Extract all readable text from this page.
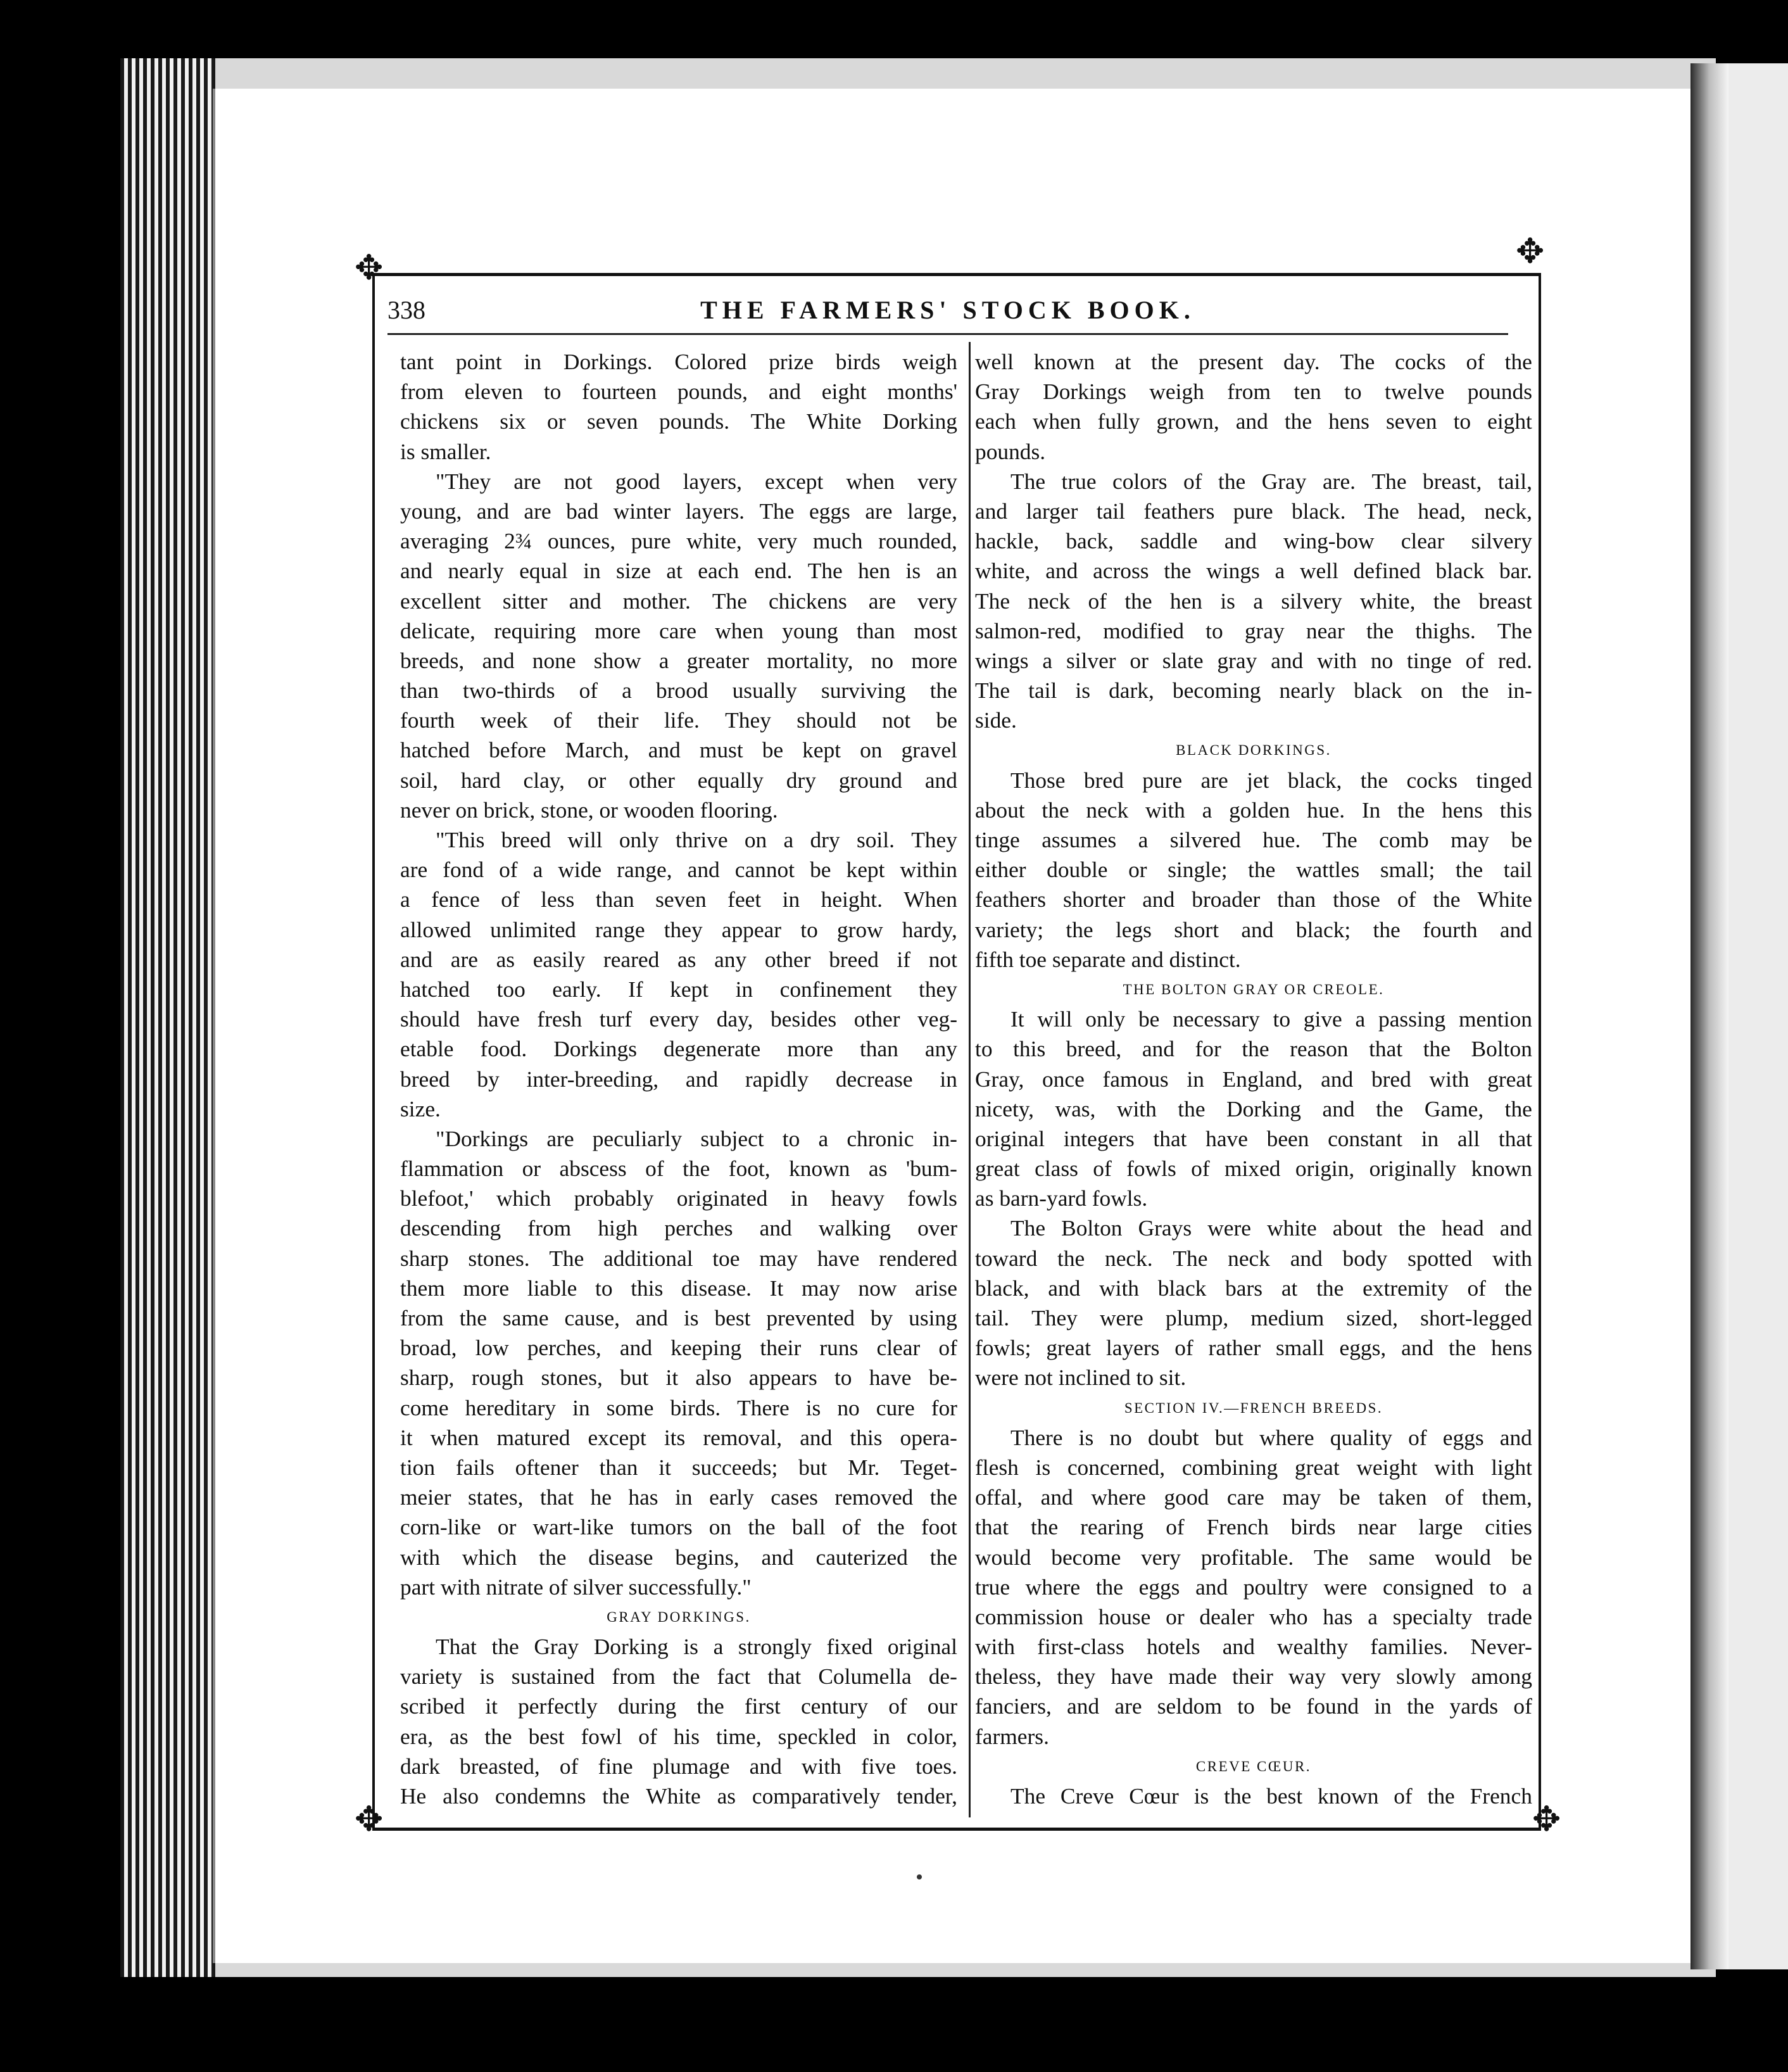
✥	✥
✥	✥
338	THE FARMERS' STOCK BOOK.
tant point in Dorkings. Colored prize birds weigh
from eleven to fourteen pounds, and eight months'
chickens six or seven pounds. The White Dorking
is smaller.
"They are not good layers, except when very
young, and are bad winter layers. The eggs are large,
averaging 2¾ ounces, pure white, very much rounded,
and nearly equal in size at each end. The hen is an
excellent sitter and mother. The chickens are very
delicate, requiring more care when young than most
breeds, and none show a greater mortality, no more
than two-thirds of a brood usually surviving the
fourth week of their life. They should not be
hatched before March, and must be kept on gravel
soil, hard clay, or other equally dry ground and
never on brick, stone, or wooden flooring.
"This breed will only thrive on a dry soil. They
are fond of a wide range, and cannot be kept within
a fence of less than seven feet in height. When
allowed unlimited range they appear to grow hardy,
and are as easily reared as any other breed if not
hatched too early. If kept in confinement they
should have fresh turf every day, besides other veg-
etable food. Dorkings degenerate more than any
breed by inter-breeding, and rapidly decrease in
size.
"Dorkings are peculiarly subject to a chronic in-
flammation or abscess of the foot, known as 'bum-
blefoot,' which probably originated in heavy fowls
descending from high perches and walking over
sharp stones. The additional toe may have rendered
them more liable to this disease. It may now arise
from the same cause, and is best prevented by using
broad, low perches, and keeping their runs clear of
sharp, rough stones, but it also appears to have be-
come hereditary in some birds. There is no cure for
it when matured except its removal, and this opera-
tion fails oftener than it succeeds; but Mr. Teget-
meier states, that he has in early cases removed the
corn-like or wart-like tumors on the ball of the foot
with which the disease begins, and cauterized the
part with nitrate of silver successfully."
GRAY DORKINGS.
That the Gray Dorking is a strongly fixed original
variety is sustained from the fact that Columella de-
scribed it perfectly during the first century of our
era, as the best fowl of his time, speckled in color,
dark breasted, of fine plumage and with five toes.
He also condemns the White as comparatively tender,
well known at the present day. The cocks of the
Gray Dorkings weigh from ten to twelve pounds
each when fully grown, and the hens seven to eight
pounds.
The true colors of the Gray are. The breast, tail,
and larger tail feathers pure black. The head, neck,
hackle, back, saddle and wing-bow clear silvery
white, and across the wings a well defined black bar.
The neck of the hen is a silvery white, the breast
salmon-red, modified to gray near the thighs. The
wings a silver or slate gray and with no tinge of red.
The tail is dark, becoming nearly black on the in-
side.
BLACK DORKINGS.
Those bred pure are jet black, the cocks tinged
about the neck with a golden hue. In the hens this
tinge assumes a silvered hue. The comb may be
either double or single; the wattles small; the tail
feathers shorter and broader than those of the White
variety; the legs short and black; the fourth and
fifth toe separate and distinct.
THE BOLTON GRAY OR CREOLE.
It will only be necessary to give a passing mention
to this breed, and for the reason that the Bolton
Gray, once famous in England, and bred with great
nicety, was, with the Dorking and the Game, the
original integers that have been constant in all that
great class of fowls of mixed origin, originally known
as barn-yard fowls.
The Bolton Grays were white about the head and
toward the neck. The neck and body spotted with
black, and with black bars at the extremity of the
tail. They were plump, medium sized, short-legged
fowls; great layers of rather small eggs, and the hens
were not inclined to sit.
SECTION IV.—FRENCH BREEDS.
There is no doubt but where quality of eggs and
flesh is concerned, combining great weight with light
offal, and where good care may be taken of them,
that the rearing of French birds near large cities
would become very profitable. The same would be
true where the eggs and poultry were consigned to a
commission house or dealer who has a specialty trade
with first-class hotels and wealthy families. Never-
theless, they have made their way very slowly among
fanciers, and are seldom to be found in the yards of
farmers.
CREVE CŒUR.
The Creve Cœur is the best known of the French
